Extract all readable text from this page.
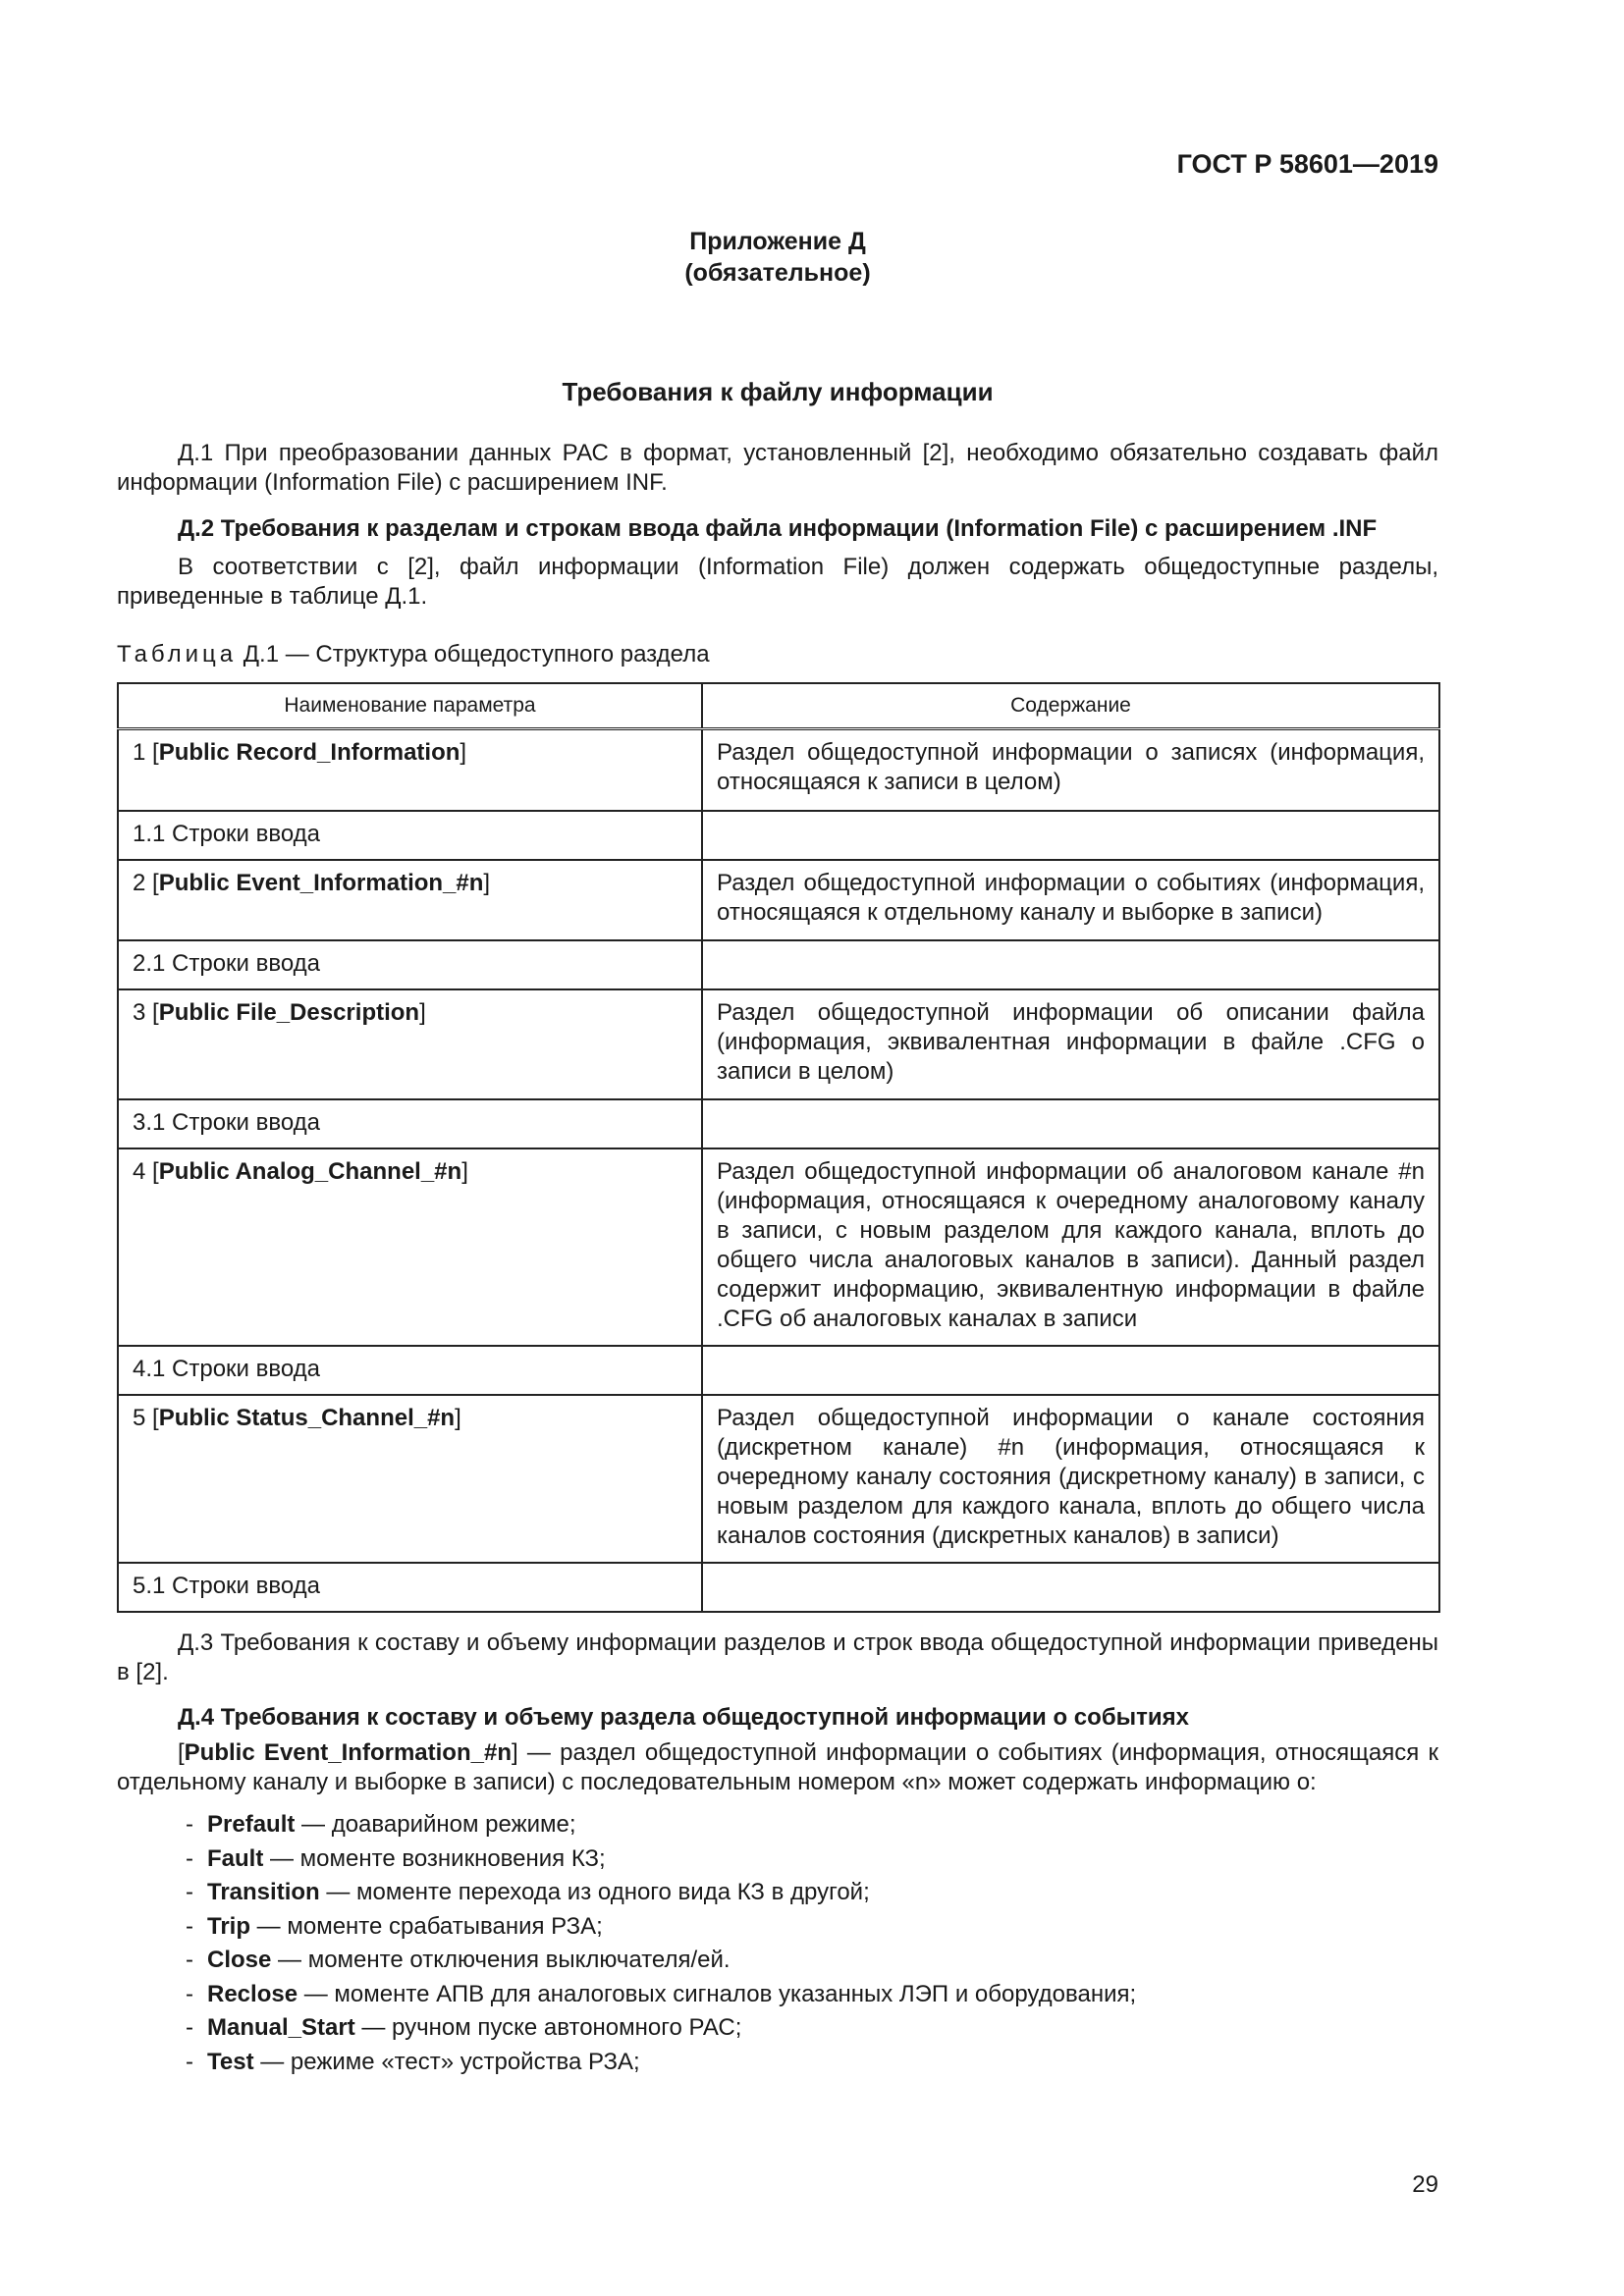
ГОСТ Р 58601—2019
Приложение Д
(обязательное)
Требования к файлу информации
Д.1 При преобразовании данных РАС в формат, установленный [2], необходимо обязательно создавать файл информации (Information File) с расширением INF.
Д.2 Требования к разделам и строкам ввода файла информации (Information File) с расширением .INF
В соответствии с [2], файл информации (Information File) должен содержать общедоступные разделы, приведенные в таблице Д.1.
Таблица Д.1 — Структура общедоступного раздела
Наименование параметра	Содержание
1 [Public Record_Information]	Раздел общедоступной информации о записях (информация, относящаяся к записи в целом)
1.1 Строки ввода	
2 [Public Event_Information_#n]	Раздел общедоступной информации о событиях (информация, относящаяся к отдельному каналу и выборке в записи)
2.1 Строки ввода	
3 [Public File_Description]	Раздел общедоступной информации об описании файла (информация, эквивалентная информации в файле .CFG о записи в целом)
3.1 Строки ввода	
4 [Public Analog_Channel_#n]	Раздел общедоступной информации об аналоговом канале #n (информация, относящаяся к очередному аналоговому каналу в записи, с новым разделом для каждого канала, вплоть до общего числа аналоговых каналов в записи). Данный раздел содержит информацию, эквивалентную информации в файле .CFG об аналоговых каналах в записи
4.1 Строки ввода	
5 [Public Status_Channel_#n]	Раздел общедоступной информации о канале состояния (дискретном канале) #n (информация, относящаяся к очередному каналу состояния (дискретному каналу) в записи, с новым разделом для каждого канала, вплоть до общего числа каналов состояния (дискретных каналов) в записи)
5.1 Строки ввода	
Д.3 Требования к составу и объему информации разделов и строк ввода общедоступной информации приведены в [2].
Д.4 Требования к составу и объему раздела общедоступной информации о событиях
[Public Event_Information_#n] — раздел общедоступной информации о событиях (информация, относящаяся к отдельному каналу и выборке в записи) с последовательным номером «n» может содержать информацию о:
- Prefault — доаварийном режиме;
- Fault — моменте возникновения КЗ;
- Transition — моменте перехода из одного вида КЗ в другой;
- Trip — моменте срабатывания РЗА;
- Close — моменте отключения выключателя/ей.
- Reclose — моменте АПВ для аналоговых сигналов указанных ЛЭП и оборудования;
- Manual_Start — ручном пуске автономного РАС;
- Test — режиме «тест» устройства РЗА;
29
